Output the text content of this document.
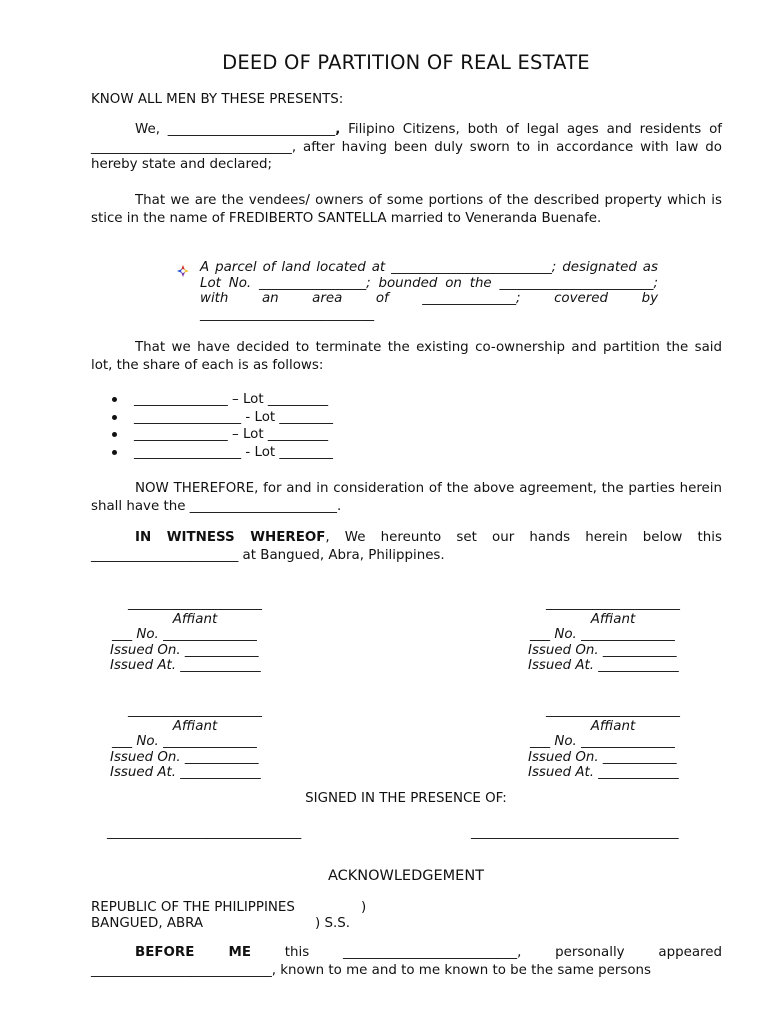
DEED OF PARTITION OF REAL ESTATE
KNOW ALL MEN BY THESE PRESENTS:
We, _________________________, Filipino Citizens, both of legal ages and residents of ______________________________, after having been duly sworn to in accordance with law do hereby state and declared;
That we are the vendees/ owners of some portions of the described property which is stice in the name of FREDIBERTO SANTELLA married to Veneranda Buenafe.
A parcel of land located at ________________________; designated as Lot No. ________________; bounded on the _______________________; with an area of ______________; covered by __________________________
That we have decided to terminate the existing co-ownership and partition the said lot, the share of each is as follows:
______________ – Lot _________
________________ - Lot ________
______________ – Lot _________
________________ - Lot ________
NOW THEREFORE, for and in consideration of the above agreement, the parties herein shall have the ______________________.
IN WITNESS WHEREOF, We hereunto set our hands herein below this ______________________ at Bangued, Abra, Philippines.
____________________
Affiant
___ No. ______________
Issued On. ___________
Issued At. ____________
____________________
Affiant
___ No. ______________
Issued On. ___________
Issued At. ____________
____________________
Affiant
___ No. ______________
Issued On. ___________
Issued At. ____________
____________________
Affiant
___ No. ______________
Issued On. ___________
Issued At. ____________
SIGNED IN THE PRESENCE OF:
_____________________________	_______________________________
ACKNOWLEDGEMENT
REPUBLIC OF THE PHILIPPINES	)
BANGUED, ABRA	) S.S.
BEFORE ME this __________________________, personally appeared ___________________________, known to me and to me known to be the same persons
